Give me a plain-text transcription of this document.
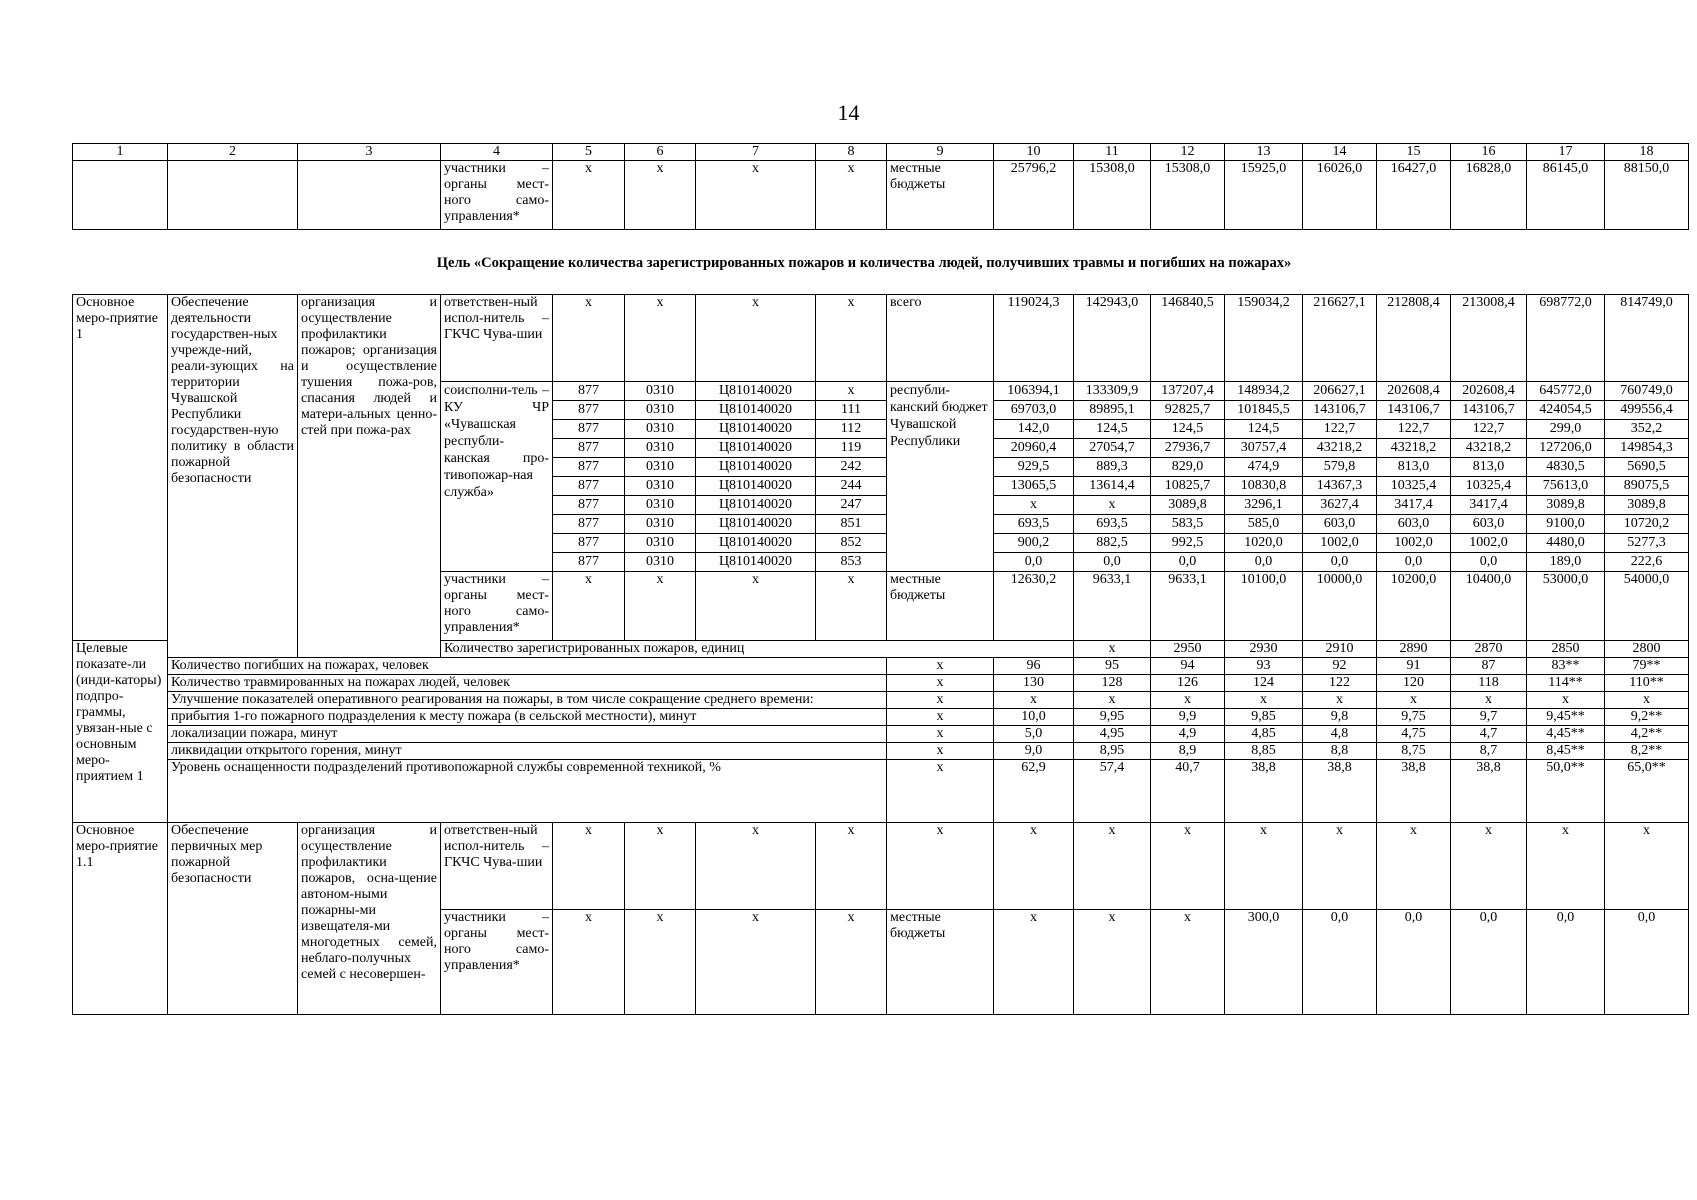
14
1	2	3	4	5	6	7	8	9	10	11	12	13	14	15	16	17	18
			участники – органы мест-ного само-управления*	x	x	x	x	местные бюджеты	25796,2	15308,0	15308,0	15925,0	16026,0	16427,0	16828,0	86145,0	88150,0
Цель «Сокращение количества зарегистрированных пожаров и количества людей, получивших травмы и погибших на пожарах»
Основное меро-приятие 1	Обеспечение деятельности государствен-ных учрежде-ний, реали-зующих на территории Чувашской Республики государствен-ную политику в области пожарной безопасности	организация и осуществление профилактики пожаров; организация и осуществление тушения пожа-ров, спасания людей и матери-альных ценно-стей при пожа-рах	ответствен-ный испол-нитель – ГКЧС Чува-шии	x	x	x	x	всего	119024,3	142943,0	146840,5	159034,2	216627,1	212808,4	213008,4	698772,0	814749,0	
			соисполни-тель – КУ ЧР «Чувашская республи-канская про-тивопожар-ная служба»	877	0310	Ц810140020	x	республи-канский бюджет Чувашской Республики	106394,1	133309,9	137207,4	148934,2	206627,1	202608,4	202608,4	645772,0	760749,0	
				877	0310	Ц810140020	111		69703,0	89895,1	92825,7	101845,5	143106,7	143106,7	143106,7	424054,5	499556,4	
				877	0310	Ц810140020	112		142,0	124,5	124,5	124,5	122,7	122,7	122,7	299,0	352,2	
				877	0310	Ц810140020	119		20960,4	27054,7	27936,7	30757,4	43218,2	43218,2	43218,2	127206,0	149854,3	
				877	0310	Ц810140020	242		929,5	889,3	829,0	474,9	579,8	813,0	813,0	4830,5	5690,5	
				877	0310	Ц810140020	244		13065,5	13614,4	10825,7	10830,8	14367,3	10325,4	10325,4	75613,0	89075,5	
				877	0310	Ц810140020	247		x	x	3089,8	3296,1	3627,4	3417,4	3417,4	3089,8	3089,8	
				877	0310	Ц810140020	851		693,5	693,5	583,5	585,0	603,0	603,0	603,0	9100,0	10720,2	
				877	0310	Ц810140020	852		900,2	882,5	992,5	1020,0	1002,0	1002,0	1002,0	4480,0	5277,3	
				877	0310	Ц810140020	853		0,0	0,0	0,0	0,0	0,0	0,0	0,0	189,0	222,6	
			участники – органы мест-ного само-управления*	x	x	x	x	местные бюджеты	12630,2	9633,1	9633,1	10100,0	10000,0	10200,0	10400,0	53000,0	54000,0	
Целевые показате-ли (инди-каторы) подпро-граммы, увязан-ные с основным меро-приятием 1			Количество зарегистрированных пожаров, единиц							x	2950	2930	2910	2890	2870	2850	2800		
	Количество погибших на пожарах, человек							x	96	95	94	93	92	91	87	83**	79**	
	Количество травмированных на пожарах людей, человек							x	130	128	126	124	122	120	118	114**	110**	
	Улучшение показателей оперативного реагирования на пожары, в том числе сокращение среднего времени:							x	x	x	x	x	x	x	x	x	x	
	прибытия 1-го пожарного подразделения к месту пожара (в сельской местности), минут							x	10,0	9,95	9,9	9,85	9,8	9,75	9,7	9,45**	9,2**	
	локализации пожара, минут							x	5,0	4,95	4,9	4,85	4,8	4,75	4,7	4,45**	4,2**	
	ликвидации открытого горения, минут							x	9,0	8,95	8,9	8,85	8,8	8,75	8,7	8,45**	8,2**	
	Уровень оснащенности подразделений противопожарной службы современной техникой, %							x	62,9	57,4	40,7	38,8	38,8	38,8	38,8	50,0**	65,0**	
Основное меро-приятие 1.1	Обеспечение первичных мер пожарной безопасности	организация и осуществление профилактики пожаров, осна-щение автоном-ными пожарны-ми извещателя-ми многодетных семей, неблаго-получных семей с несовершен-	ответствен-ный испол-нитель – ГКЧС Чува-шии	x	x	x	x	x	x	x	x	x	x	x	x	x	x	
			участники – органы мест-ного само-управления*	x	x	x	x	местные бюджеты	x	x	x	300,0	0,0	0,0	0,0	0,0	0,0	
